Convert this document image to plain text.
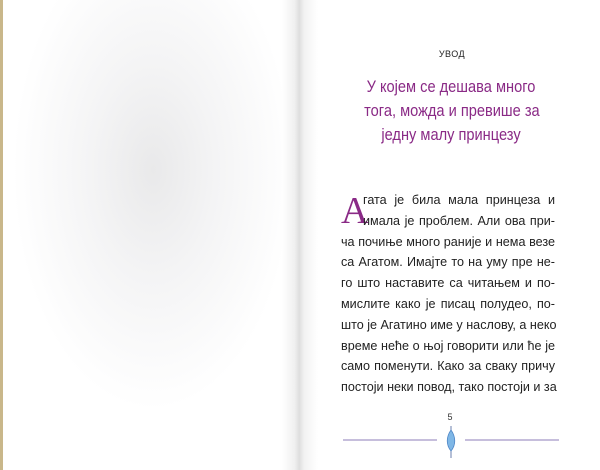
УВОД
У којем се дешава много
тога, можда и превише за
једну малу принцезу
А
гата је била мала принцеза и
имала је проблем. Али ова при-
ча почиње много раније и нема везе
са Агатом. Имајте то на уму пре не-
го што наставите са читањем и по-
мислите како је писац полудео, по-
што је Агатино име у наслову, а неко
време неће о њој говорити или ће је
само поменути. Како за сваку причу
постоји неки повод, тако постоји и за
5
